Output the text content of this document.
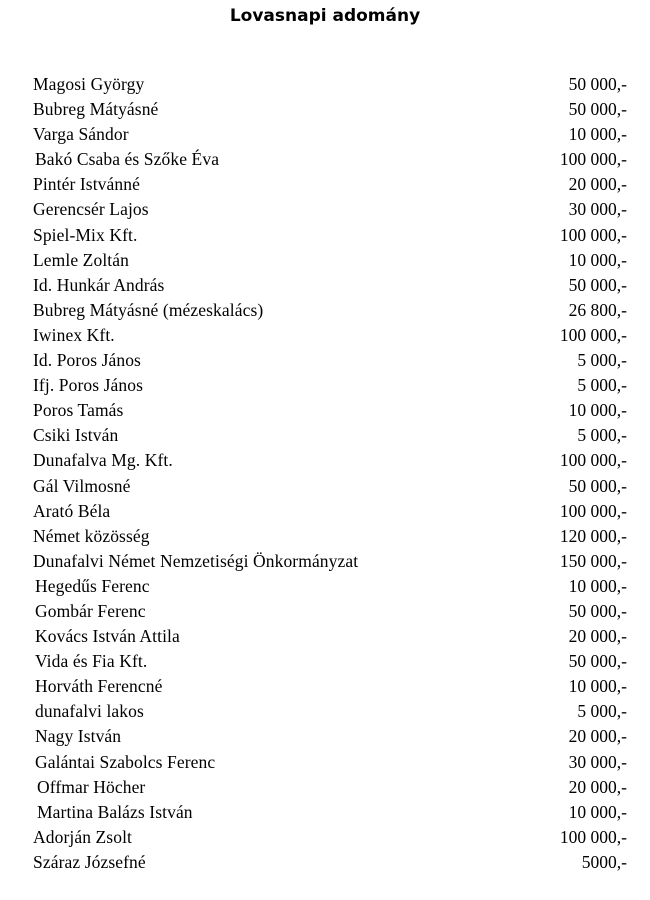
Lovasnapi adomány
Magosi György	50 000,-
Bubreg Mátyásné	50 000,-
Varga Sándor	10 000,-
Bakó Csaba és Szőke Éva	100 000,-
Pintér Istvánné	20 000,-
Gerencsér Lajos	30 000,-
Spiel-Mix Kft.	100 000,-
Lemle Zoltán	10 000,-
Id. Hunkár András	50 000,-
Bubreg Mátyásné (mézeskalács)	26 800,-
Iwinex Kft.	100 000,-
Id. Poros János	5 000,-
Ifj. Poros János	5 000,-
Poros Tamás	10 000,-
Csiki István	5 000,-
Dunafalva Mg. Kft.	100 000,-
Gál Vilmosné	50 000,-
Arató Béla	100 000,-
Német közösség	120 000,-
Dunafalvi Német Nemzetiségi Önkormányzat	150 000,-
Hegedűs Ferenc	10 000,-
Gombár Ferenc	50 000,-
Kovács István Attila	20 000,-
Vida és Fia Kft.	50 000,-
Horváth Ferencné	10 000,-
dunafalvi lakos	5 000,-
Nagy István	20 000,-
Galántai Szabolcs Ferenc	30 000,-
Offmar Höcher	20 000,-
Martina Balázs István	10 000,-
Adorján Zsolt	100 000,-
Száraz Józsefné	5000,-
